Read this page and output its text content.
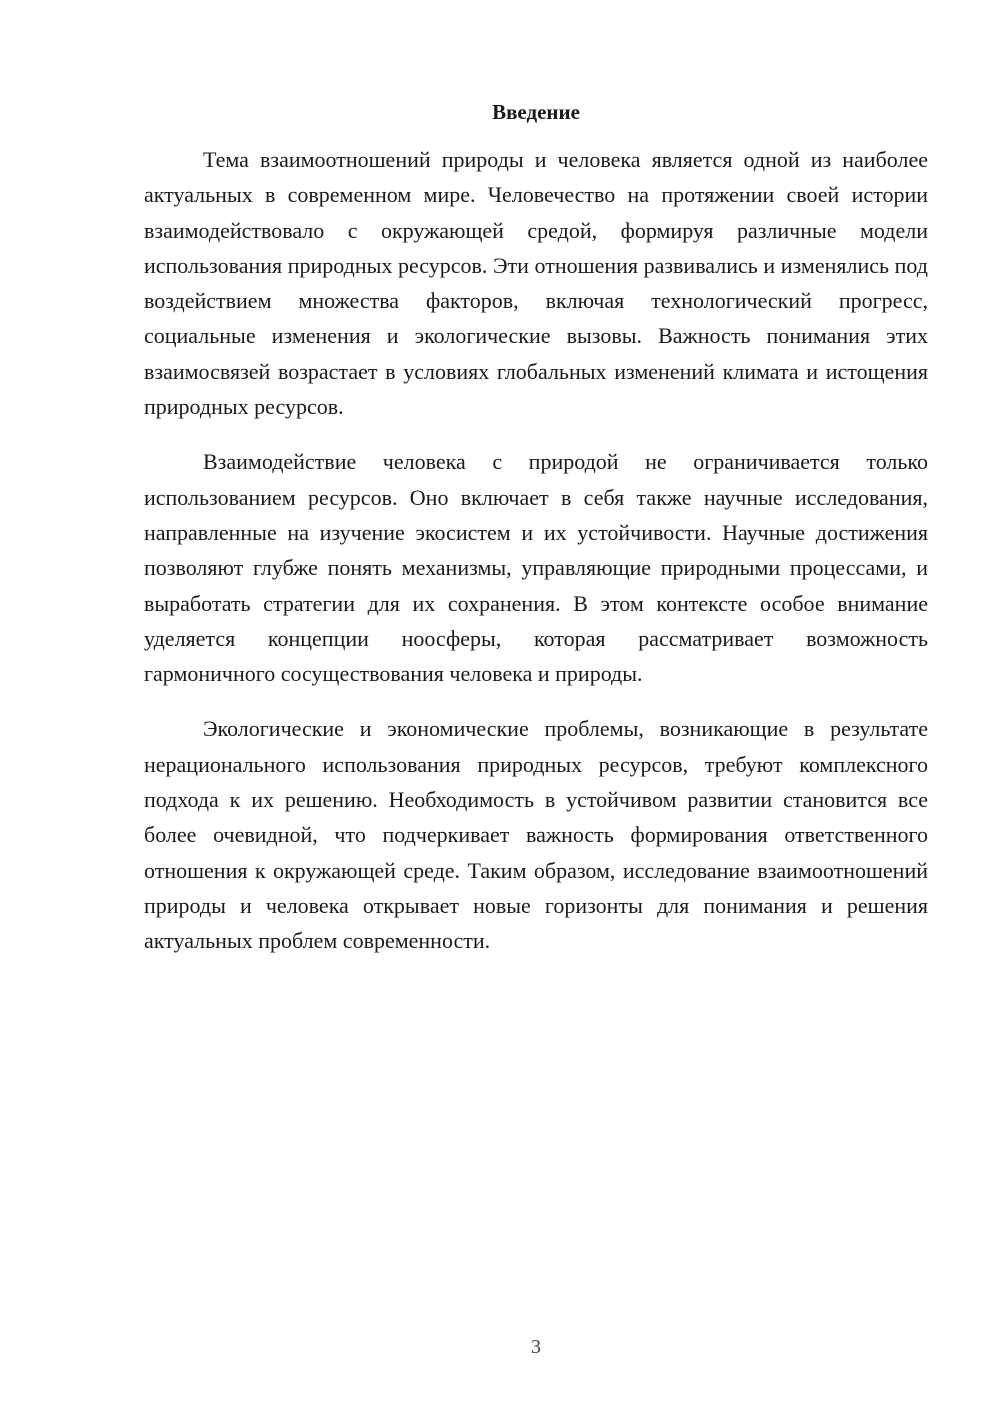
Введение

Тема взаимоотношений природы и человека является одной из наиболее актуальных в современном мире. Человечество на протяжении своей истории взаимодействовало с окружающей средой, формируя различные модели использования природных ресурсов. Эти отношения развивались и изменялись под воздействием множества факторов, включая технологический прогресс, социальные изменения и экологические вызовы. Важность понимания этих взаимосвязей возрастает в условиях глобальных изменений климата и истощения природных ресурсов.

Взаимодействие человека с природой не ограничивается только использованием ресурсов. Оно включает в себя также научные исследования, направленные на изучение экосистем и их устойчивости. Научные достижения позволяют глубже понять механизмы, управляющие природными процессами, и выработать стратегии для их сохранения. В этом контексте особое внимание уделяется концепции ноосферы, которая рассматривает возможность гармоничного сосуществования человека и природы.

Экологические и экономические проблемы, возникающие в результате нерационального использования природных ресурсов, требуют комплексного подхода к их решению. Необходимость в устойчивом развитии становится все более очевидной, что подчеркивает важность формирования ответственного отношения к окружающей среде. Таким образом, исследование взаимоотношений природы и человека открывает новые горизонты для понимания и решения актуальных проблем современности.

3
